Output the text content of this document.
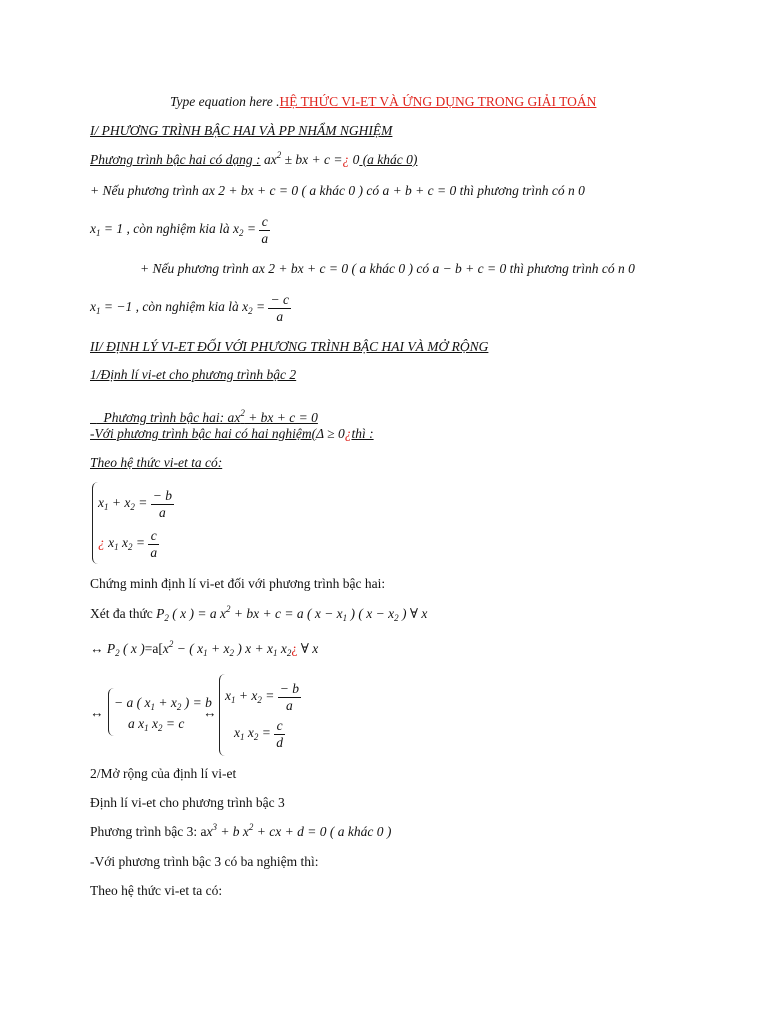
Type equation here .HỆ THỨC VI-ET VÀ ỨNG DỤNG TRONG GIẢI TOÁN
I/ PHƯƠNG TRÌNH BẬC HAI VÀ PP NHẨM NGHIỆM
Phương trình bậc hai có dạng : $ax^2$ ± bx + c =¿ 0 (a khác 0)
+ Nếu phương trình ax 2 + bx + c = 0 ( a khác 0 ) có a + b + c = 0 thì phương trình có n 0
$x_1 = 1$ , còn nghiệm kia là $x_2 = \frac{c}{a}$
+ Nếu phương trình ax 2 + bx + c = 0 ( a khác 0 ) có a − b + c = 0 thì phương trình có n 0
$x_1 = -1$ , còn nghiệm kia là $x_2 = \frac{- c}{a}$
II/ ĐỊNH LÝ VI-ET ĐỐI VỚI PHƯƠNG TRÌNH BẬC HAI VÀ MỞ RỘNG
1/Định lí vi-et cho phương trình bậc 2

Phương trình bậc hai: $ax^2$ + bx + c = 0

-Với phương trình bậc hai có hai nghiệm(Δ ≥ 0¿thì :
Theo hệ thức vi-et ta có:
$x_1 + x_2 = \frac{- b}{a}$
¿ $x_1$ $x_2 = \frac{c}{a}$
Chứng minh định lí vi-et đối với phương trình bậc hai:
Xét đa thức $P_2$ ( x ) = a $x^2$ + bx + c = a ( $x - x_1$ ) ( $x - x_2$ ) ∀ x
↔ $P_2$ ( x )$=a[x^2$ − ( $x_1 + x_2$ ) $x + x_1$ $x_2¿$ ∀ x
↔
− a ( $x_1 + x_2$ ) = b
a $x_1$ $x_2 = c$
↔
$x_1 + x_2 = \frac{- b}{a}$
$x_1$ $x_2 = \frac{c}{d}$
2/Mở rộng của định lí vi-et
Định lí vi-et cho phương trình bậc 3
Phương trình bậc 3: $ax^3 + b$ $x^2$ + cx + d = 0 ( a khác 0 )
-Với phương trình bậc 3 có ba nghiệm thì:
Theo hệ thức vi-et ta có:
